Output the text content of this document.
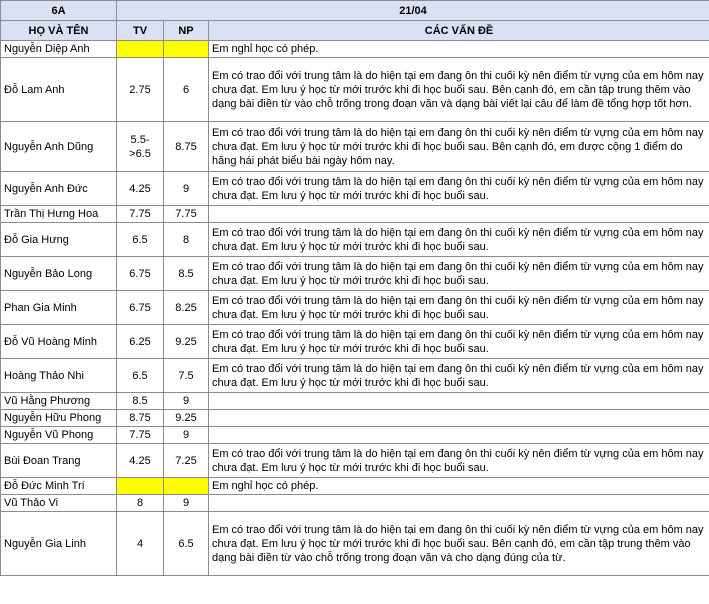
6A	21/04		
HỌ VÀ TÊN	TV	NP	CÁC VẤN ĐỀ
Nguyễn Diệp Anh			Em nghỉ học có phép.
Đỗ Lam Anh	2.75	6	Em có trao đổi với trung tâm là do hiện tại em đang ôn thi cuối kỳ nên điểm từ vựng của em hôm nay chưa đạt. Em lưu ý học từ mới trước khi đi học buổi sau. Bên cạnh đó, em cần tập trung thêm vào dạng bài điền từ vào chỗ trống trong đoạn văn và dạng bài viết lại câu để làm đề tổng hợp tốt hơn.
Nguyễn Anh Dũng	5.5->6.5	8.75	Em có trao đổi với trung tâm là do hiện tại em đang ôn thi cuối kỳ nên điểm từ vựng của em hôm nay chưa đạt. Em lưu ý học từ mới trước khi đi học buổi sau. Bên cạnh đó, em được cộng 1 điểm do hăng hái phát biểu bài ngày hôm nay.
Nguyễn Anh Đức	4.25	9	Em có trao đổi với trung tâm là do hiện tại em đang ôn thi cuối kỳ nên điểm từ vựng của em hôm nay chưa đạt. Em lưu ý học từ mới trước khi đi học buổi sau.
Trần Thị Hưng Hoa	7.75	7.75	
Đỗ Gia Hưng	6.5	8	Em có trao đổi với trung tâm là do hiện tại em đang ôn thi cuối kỳ nên điểm từ vựng của em hôm nay chưa đạt. Em lưu ý học từ mới trước khi đi học buổi sau.
Nguyễn Bảo Long	6.75	8.5	Em có trao đổi với trung tâm là do hiện tại em đang ôn thi cuối kỳ nên điểm từ vựng của em hôm nay chưa đạt. Em lưu ý học từ mới trước khi đi học buổi sau.
Phan Gia Minh	6.75	8.25	Em có trao đổi với trung tâm là do hiện tại em đang ôn thi cuối kỳ nên điểm từ vựng của em hôm nay chưa đạt. Em lưu ý học từ mới trước khi đi học buổi sau.
Đỗ Vũ Hoàng Minh	6.25	9.25	Em có trao đổi với trung tâm là do hiện tại em đang ôn thi cuối kỳ nên điểm từ vựng của em hôm nay chưa đạt. Em lưu ý học từ mới trước khi đi học buổi sau.
Hoàng Thảo Nhi	6.5	7.5	Em có trao đổi với trung tâm là do hiện tại em đang ôn thi cuối kỳ nên điểm từ vựng của em hôm nay chưa đạt. Em lưu ý học từ mới trước khi đi học buổi sau.
Vũ Hằng Phương	8.5	9	
Nguyễn Hữu Phong	8.75	9.25	
Nguyễn Vũ Phong	7.75	9	
Bùi Đoan Trang	4.25	7.25	Em có trao đổi với trung tâm là do hiện tại em đang ôn thi cuối kỳ nên điểm từ vựng của em hôm nay chưa đạt. Em lưu ý học từ mới trước khi đi học buổi sau.
Đỗ Đức Minh Trí			Em nghỉ học có phép.
Vũ Thảo Vi	8	9	
Nguyễn Gia Linh	4	6.5	Em có trao đổi với trung tâm là do hiện tại em đang ôn thi cuối kỳ nên điểm từ vựng của em hôm nay chưa đạt. Em lưu ý học từ mới trước khi đi học buổi sau. Bên cạnh đó, em cần tập trung thêm vào dạng bài điền từ vào chỗ trống trong đoạn văn và cho dạng đúng của từ.
